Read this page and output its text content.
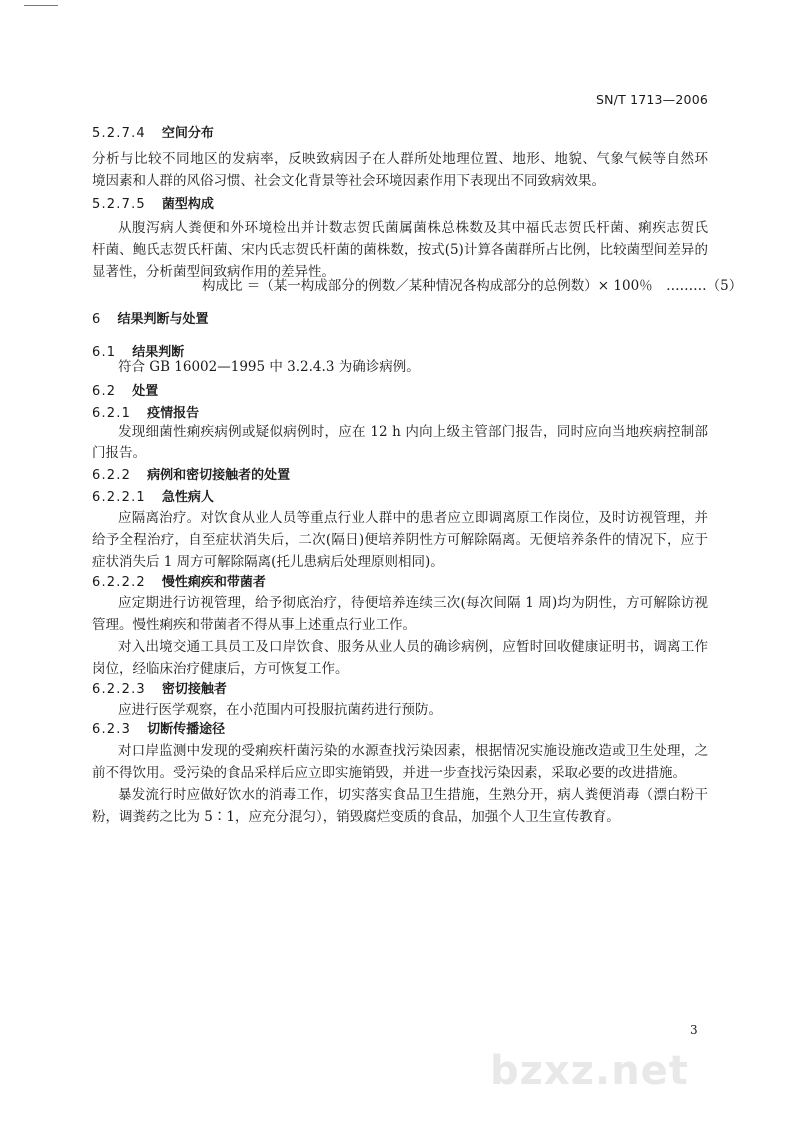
SN/T 1713—2006
5.2.7.4 空间分布
分析与比较不同地区的发病率，反映致病因子在人群所处地理位置、地形、地貌、气象气候等自然环
境因素和人群的风俗习惯、社会文化背景等社会环境因素作用下表现出不同致病效果。
5.2.7.5 菌型构成
从腹泻病人粪便和外环境检出并计数志贺氏菌属菌株总株数及其中福氏志贺氏杆菌、痢疾志贺氏
杆菌、鲍氏志贺氏杆菌、宋内氏志贺氏杆菌的菌株数，按式(5)计算各菌群所占比例，比较菌型间差异的
显著性，分析菌型间致病作用的差异性。
构成比 ＝（某一构成部分的例数／某种情况各构成部分的总例数）× 100％　………（5）
6 结果判断与处置
6.1 结果判断
符合 GB 16002—1995 中 3.2.4.3 为确诊病例。
6.2 处置
6.2.1 疫情报告
发现细菌性痢疾病例或疑似病例时，应在 12 h 内向上级主管部门报告，同时应向当地疾病控制部
门报告。
6.2.2 病例和密切接触者的处置
6.2.2.1 急性病人
应隔离治疗。对饮食从业人员等重点行业人群中的患者应立即调离原工作岗位，及时访视管理，并
给予全程治疗，自至症状消失后，二次(隔日)便培养阴性方可解除隔离。无便培养条件的情况下，应于
症状消失后 1 周方可解除隔离(托儿患病后处理原则相同)。
6.2.2.2 慢性痢疾和带菌者
应定期进行访视管理，给予彻底治疗，待便培养连续三次(每次间隔 1 周)均为阴性，方可解除访视
管理。慢性痢疾和带菌者不得从事上述重点行业工作。
对入出境交通工具员工及口岸饮食、服务从业人员的确诊病例，应暂时回收健康证明书，调离工作
岗位，经临床治疗健康后，方可恢复工作。
6.2.2.3 密切接触者
应进行医学观察，在小范围内可投服抗菌药进行预防。
6.2.3 切断传播途径
对口岸监测中发现的受痢疾杆菌污染的水源查找污染因素，根据情况实施设施改造或卫生处理，之
前不得饮用。受污染的食品采样后应立即实施销毁，并进一步查找污染因素，采取必要的改进措施。
暴发流行时应做好饮水的消毒工作，切实落实食品卫生措施，生熟分开，病人粪便消毒（漂白粉干
粉，调粪药之比为 5∶1，应充分混匀），销毁腐烂变质的食品，加强个人卫生宣传教育。
3
bzxz.net
